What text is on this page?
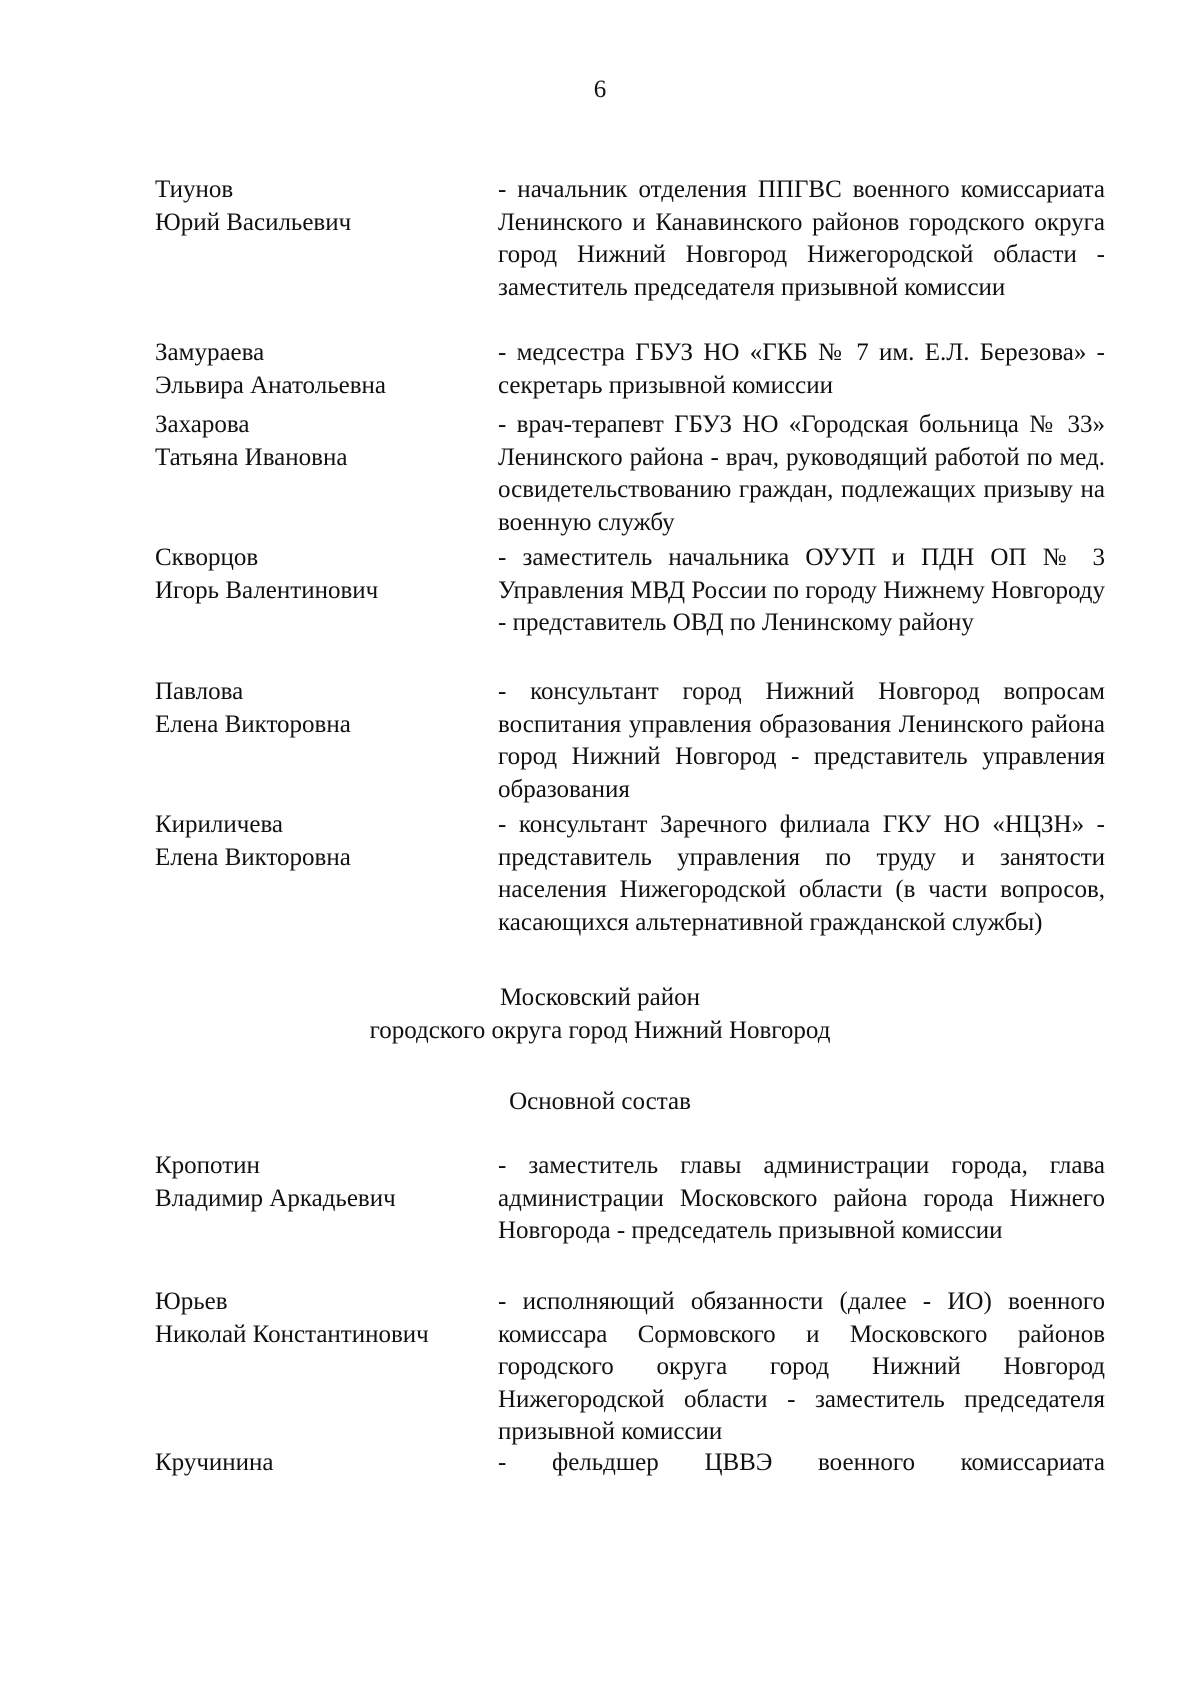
6
Тиунов
Юрий Васильевич
- начальник отделения ППГВС военного комиссариата Ленинского и Канавинского районов городского округа город Нижний Новгород Нижегородской области - заместитель председателя призывной комиссии
Замураева
Эльвира Анатольевна
- медсестра ГБУЗ НО «ГКБ № 7 им. Е.Л. Березова» - секретарь призывной комиссии
Захарова
Татьяна Ивановна
- врач-терапевт ГБУЗ НО «Городская больница № 33» Ленинского района - врач, руководящий работой по мед. освидетельствованию граждан, подлежащих призыву на военную службу
Скворцов
Игорь Валентинович
- заместитель начальника ОУУП и ПДН ОП № 3 Управления МВД России по городу Нижнему Новгороду - представитель ОВД по Ленинскому району
Павлова
Елена Викторовна
- консультант город Нижний Новгород вопросам воспитания управления образования Ленинского района город Нижний Новгород - представитель управления образования
Кириличева
Елена Викторовна
- консультант Заречного филиала ГКУ НО «НЦЗН» - представитель управления по труду и занятости населения Нижегородской области (в части вопросов, касающихся альтернативной гражданской службы)
Московский район
городского округа город Нижний Новгород
Основной состав
Кропотин
Владимир Аркадьевич
- заместитель главы администрации города, глава администрации Московского района города Нижнего Новгорода - председатель призывной комиссии
Юрьев
Николай Константинович
- исполняющий обязанности (далее - ИО) военного комиссара Сормовского и Московского районов городского округа город Нижний Новгород Нижегородской области - заместитель председателя призывной комиссии
Кручинина	- фельдшер ЦВВЭ военного комиссариата
